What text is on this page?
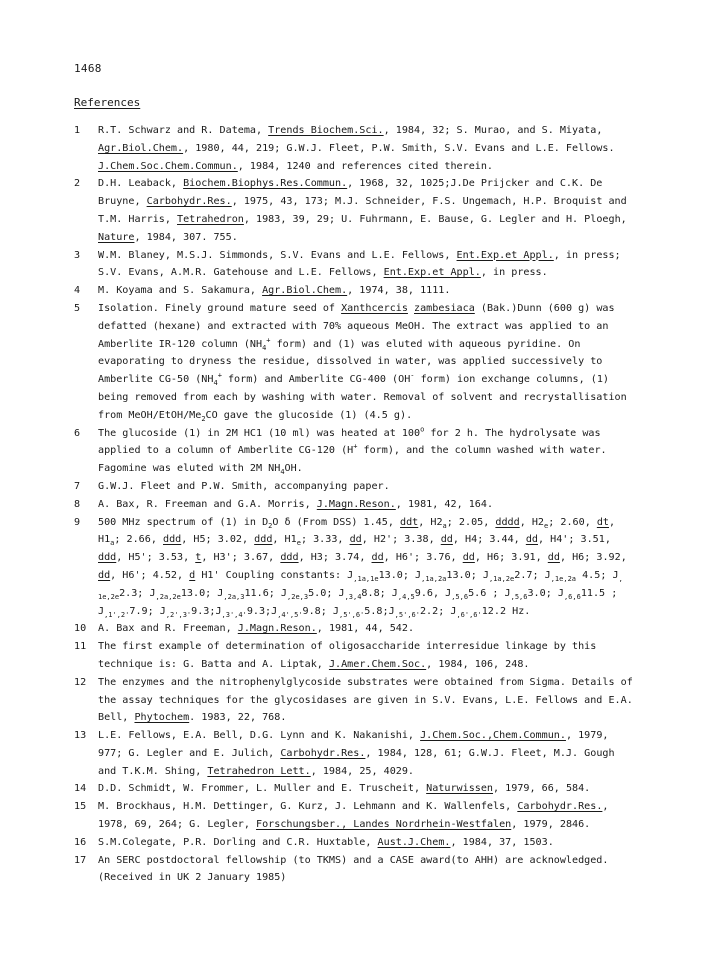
1468
References
1	R.T. Schwarz and R. Datema, Trends Biochem.Sci., 1984, 32; S. Murao, and S. Miyata, Agr.Biol.Chem., 1980, 44, 219; G.W.J. Fleet, P.W. Smith, S.V. Evans and L.E. Fellows. J.Chem.Soc.Chem.Commun., 1984, 1240 and references cited therein.
2	D.H. Leaback, Biochem.Biophys.Res.Commun., 1968, 32, 1025;J.De Prijcker and C.K. De Bruyne, Carbohydr.Res., 1975, 43, 173; M.J. Schneider, F.S. Ungemach, H.P. Broquist and T.M. Harris, Tetrahedron, 1983, 39, 29; U. Fuhrmann, E. Bause, G. Legler and H. Ploegh, Nature, 1984, 307. 755.
3	W.M. Blaney, M.S.J. Simmonds, S.V. Evans and L.E. Fellows, Ent.Exp.et Appl., in press; S.V. Evans, A.M.R. Gatehouse and L.E. Fellows, Ent.Exp.et Appl., in press.
4	M. Koyama and S. Sakamura, Agr.Biol.Chem., 1974, 38, 1111.
5	Isolation. Finely ground mature seed of Xanthcercis zambesiaca (Bak.)Dunn (600 g) was defatted (hexane) and extracted with 70% aqueous MeOH. The extract was applied to an Amberlite IR-120 column ($NH_4^+$ form) and (1) was eluted with aqueous pyridine. On evaporating to dryness the residue, dissolved in water, was applied successively to Amberlite CG-50 ($NH_4^+$ form) and Amberlite CG-400 (OH- form) ion exchange columns, (1) being removed from each by washing with water. Removal of solvent and recrystallisation from MeOH/$EtOH/Me_2CO$ gave the glucoside (1) (4.5 g).
6	The glucoside (1) in 2M HC1 (10 ml) was heated at 100$^o$ for 2 h. The hydrolysate was applied to a column of Amberlite CG-120 (H+ form), and the column washed with water. Fagomine was eluted with 2M $NH_4OH$.
7	G.W.J. Fleet and P.W. Smith, accompanying paper.
8	A. Bax, R. Freeman and G.A. Morris, J.Magn.Reson., 1981, 42, 164.
9	500 MHz spectrum of (1) in $D_2O$ δ (From DSS) 1.45, ddt, $H2_a$; 2.05, dddd, $H2_e$; 2.60, dt, $H1_a$; 2.66, ddd, H5; 3.02, ddd, $H1_e$; 3.33, dd, H2'; 3.38, dd, H4; 3.44, dd, H4'; 3.51, ddd, H5'; 3.53, t, H3'; 3.67, ddd, H3; 3.74, dd, H6'; 3.76, dd, H6; 3.91, dd, H6; 3.92, dd, H6'; 4.52, d H1' Coupling constants: $J_{,1a,1e}13.0$; $J_{,1a,2a}13.0$; $J_{,1a,2e}2.7$; $J_{,1e,2a}$ 4.5; $J_{, 1e,2e}2.3$; $J_{,2a,2e}13.0$; $J_{,2a,3}11.6$; $J_{,2e,3}5.0$; $J_{,3,4}8.8$; $J_{,4,5}9.6$, $J_{,5,6}5.6$ ; $J_{,5,6}3.0$; $J_{,6,6}11.5$ ; $J_{,1',2'}7.9$; $J_{,2',3'}9.3;J_{,3',4'}9.3;J_{,4',5'}9.8$; $J_{,5',6'}5.8;J_{,5',6'}2.2$; $J_{,6',6'}12.2$ Hz.
10	A. Bax and R. Freeman, J.Magn.Reson., 1981, 44, 542.
11	The first example of determination of oligosaccharide interresidue linkage by this technique is: G. Batta and A. Liptak, J.Amer.Chem.Soc., 1984, 106, 248.
12	The enzymes and the nitrophenylglycoside substrates were obtained from Sigma. Details of the assay techniques for the glycosidases are given in S.V. Evans, L.E. Fellows and E.A. Bell, Phytochem. 1983, 22, 768.
13	L.E. Fellows, E.A. Bell, D.G. Lynn and K. Nakanishi, J.Chem.Soc.,Chem.Commun., 1979, 977; G. Legler and E. Julich, Carbohydr.Res., 1984, 128, 61; G.W.J. Fleet, M.J. Gough and T.K.M. Shing, Tetrahedron Lett., 1984, 25, 4029.
14	D.D. Schmidt, W. Frommer, L. Muller and E. Truscheit, Naturwissen, 1979, 66, 584.
15	M. Brockhaus, H.M. Dettinger, G. Kurz, J. Lehmann and K. Wallenfels, Carbohydr.Res., 1978, 69, 264; G. Legler, Forschungsber., Landes Nordrhein-Westfalen, 1979, 2846.
16	S.M.Colegate, P.R. Dorling and C.R. Huxtable, Aust.J.Chem., 1984, 37, 1503.
17	An SERC postdoctoral fellowship (to TKMS) and a CASE award(to AHH) are acknowledged.
(Received in UK 2 January 1985)
